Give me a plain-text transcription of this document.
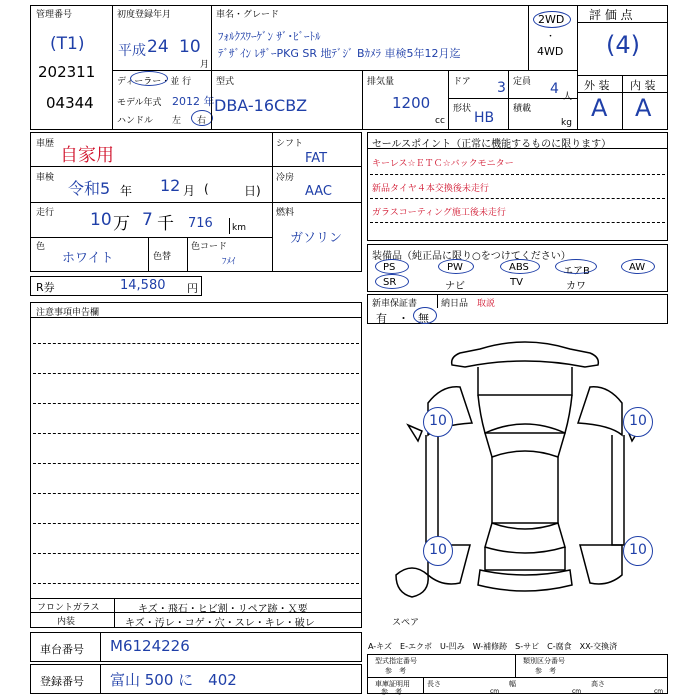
管理番号
(T1)
202311
04344
初度登録年月
平成 24 10
月
車名・グレード
ﾌｫﾙｸｽﾜｰｹﾞﾝ ｻﾞ･ﾋﾞｰﾄﾙ
ﾃﾞｻﾞｲﾝ ﾚｻﾞｰPKG SR 地ﾃﾞｼﾞ Bｶﾒﾗ 車検5年12月迄
2WD
・
4WD
評 価 点
(4)
外 装 内 装
A A
ディーラー・並 行
モデル年式 2012 年
ハンドル 左 右
型式
DBA-16CBZ
排気量
1200
cc
ドア 3 定員 4 人
形状
HB
積載
kg
車歴
自家用
車検
令和5 年 12 月 (	日)
走行 10 万 7 千 716 km
色
ホワイト	色替
色コード
ﾌﾒｲ
シフト
FAT
冷房
AAC
燃料
ガソリン
R券	14,580 円
注意事項申告欄
フロントガラス	キズ・飛石・ヒビ割・リペア跡・Ｘ要
内装	キズ・汚レ・コゲ・穴・スレ・キレ・破レ
車台番号 M6124226
登録番号 富山 500 に　402
セールスポイント（正常に機能するものに限ります）
キーレス☆ＥＴＣ☆バックモニター
新品タイヤ４本交換後未走行
ガラスコーティング施工後未走行
装備品（純正品に限り○をつけてください）
PS	PW	ABS	エアB	AW
SR	ナビ	TV	カワ
新車保証書
有 ・ 無
納日品 取説
10	10
10	10
スペア
A-キズ　E-エクボ　U-凹み　W-補修跡　S-サビ　C-腐食　XX-交換済
型式指定番号
参　考
類別区分番号
参　考
車庫証明用
参　考
長さ
cm
幅
cm
高さ
cm
